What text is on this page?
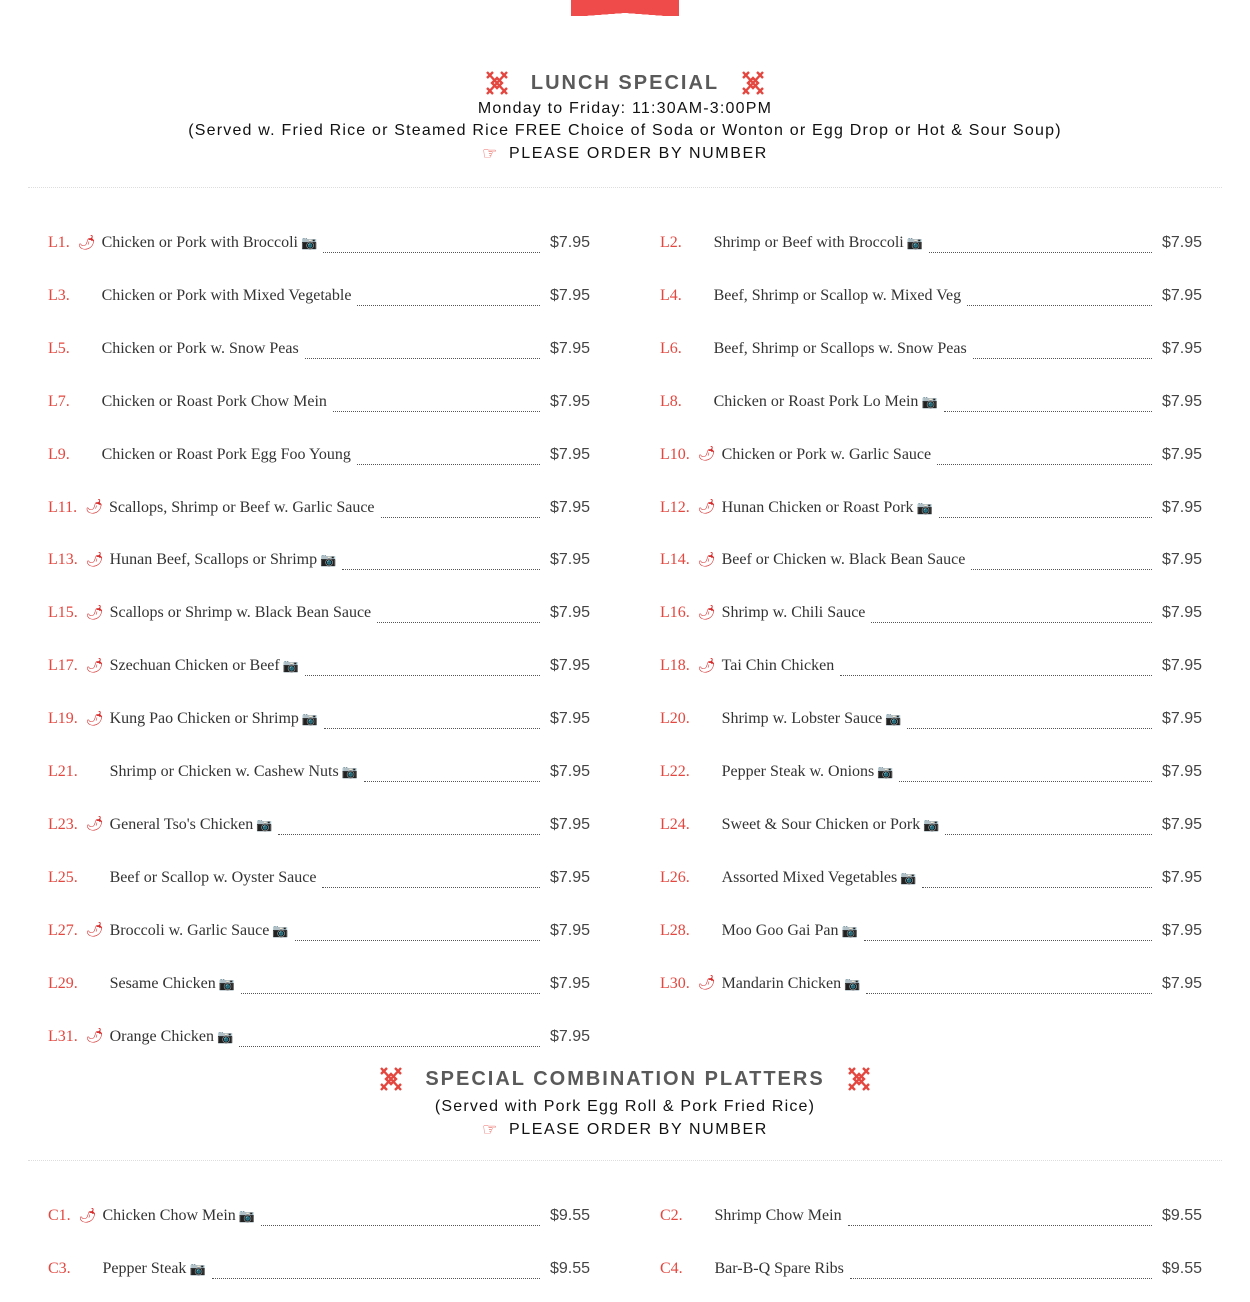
LUNCH SPECIAL
Monday to Friday: 11:30AM-3:00PM
(Served w. Fried Rice or Steamed Rice FREE Choice of Soda or Wonton or Egg Drop or Hot & Sour Soup)
☞ PLEASE ORDER BY NUMBER
L1. 🌶 Chicken or Pork with Broccoli 📷	$7.95	L2. Shrimp or Beef with Broccoli 📷	$7.95
L3. Chicken or Pork with Mixed Vegetable	$7.95	L4. Beef, Shrimp or Scallop w. Mixed Veg	$7.95
L5. Chicken or Pork w. Snow Peas	$7.95	L6. Beef, Shrimp or Scallops w. Snow Peas	$7.95
L7. Chicken or Roast Pork Chow Mein	$7.95	L8. Chicken or Roast Pork Lo Mein 📷	$7.95
L9. Chicken or Roast Pork Egg Foo Young	$7.95	L10. 🌶 Chicken or Pork w. Garlic Sauce	$7.95
L11. 🌶 Scallops, Shrimp or Beef w. Garlic Sauce	$7.95	L12. 🌶 Hunan Chicken or Roast Pork 📷	$7.95
L13. 🌶 Hunan Beef, Scallops or Shrimp 📷	$7.95	L14. 🌶 Beef or Chicken w. Black Bean Sauce	$7.95
L15. 🌶 Scallops or Shrimp w. Black Bean Sauce	$7.95	L16. 🌶 Shrimp w. Chili Sauce	$7.95
L17. 🌶 Szechuan Chicken or Beef 📷	$7.95	L18. 🌶 Tai Chin Chicken	$7.95
L19. 🌶 Kung Pao Chicken or Shrimp 📷	$7.95	L20. Shrimp w. Lobster Sauce 📷	$7.95
L21. Shrimp or Chicken w. Cashew Nuts 📷	$7.95	L22. Pepper Steak w. Onions 📷	$7.95
L23. 🌶 General Tso's Chicken 📷	$7.95	L24. Sweet & Sour Chicken or Pork 📷	$7.95
L25. Beef or Scallop w. Oyster Sauce	$7.95	L26. Assorted Mixed Vegetables 📷	$7.95
L27. 🌶 Broccoli w. Garlic Sauce 📷	$7.95	L28. Moo Goo Gai Pan 📷	$7.95
L29. Sesame Chicken 📷	$7.95	L30. 🌶 Mandarin Chicken 📷	$7.95
L31. 🌶 Orange Chicken 📷	$7.95
SPECIAL COMBINATION PLATTERS
(Served with Pork Egg Roll & Pork Fried Rice)
☞ PLEASE ORDER BY NUMBER
C1. 🌶 Chicken Chow Mein 📷	$9.55	C2. Shrimp Chow Mein	$9.55
C3. Pepper Steak 📷	$9.55	C4. Bar-B-Q Spare Ribs	$9.55
